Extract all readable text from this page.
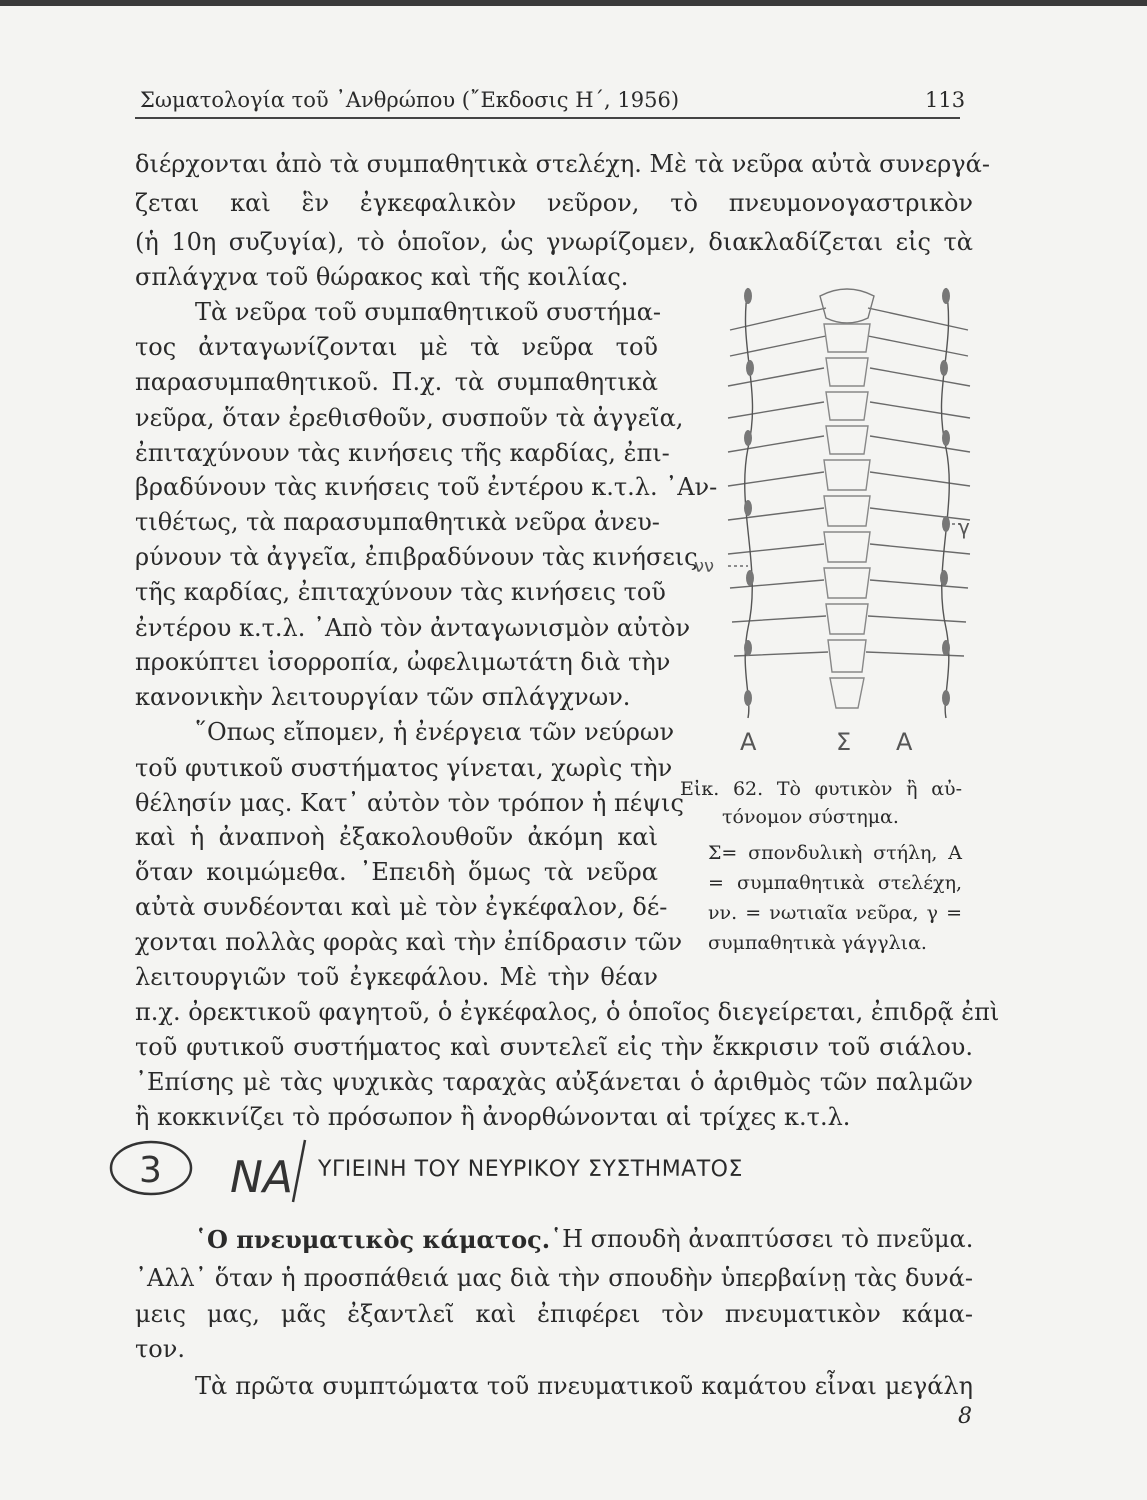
Σωματολογία τοῦ ᾿Ανθρώπου (῎Εκδοσις Η΄, 1956)	113
διέρχονται ἀπὸ τὰ συμπαθητικὰ στελέχη. Μὲ τὰ νεῦρα αὐτὰ συνεργά-
ζεται καὶ ἓν ἐγκεφαλικὸν νεῦρον, τὸ πνευμονογαστρικὸν
(ἡ 10η συζυγία), τὸ ὁποῖον, ὡς γνωρίζομεν, διακλαδίζεται εἰς τὰ
σπλάγχνα τοῦ θώρακος καὶ τῆς κοιλίας.
Τὰ νεῦρα τοῦ συμπαθητικοῦ συστήμα-
τος ἀνταγωνίζονται μὲ τὰ νεῦρα τοῦ
παρασυμπαθητικοῦ. Π.χ. τὰ συμπαθητικὰ
νεῦρα, ὅταν ἐρεθισθοῦν, συσποῦν τὰ ἀγγεῖα,
ἐπιταχύνουν τὰς κινήσεις τῆς καρδίας, ἐπι-
βραδύνουν τὰς κινήσεις τοῦ ἐντέρου κ.τ.λ. ᾿Αν-
τιθέτως, τὰ παρασυμπαθητικὰ νεῦρα ἀνευ-
ρύνουν τὰ ἀγγεῖα, ἐπιβραδύνουν τὰς κινήσεις
τῆς καρδίας, ἐπιταχύνουν τὰς κινήσεις τοῦ
ἐντέρου κ.τ.λ. ᾿Απὸ τὸν ἀνταγωνισμὸν αὐτὸν
προκύπτει ἰσορροπία, ὠφελιμωτάτη διὰ τὴν
κανονικὴν λειτουργίαν τῶν σπλάγχνων.
῞Οπως εἴπομεν, ἡ ἐνέργεια τῶν νεύρων
τοῦ φυτικοῦ συστήματος γίνεται, χωρὶς τὴν
θέλησίν μας. Κατ᾿ αὐτὸν τὸν τρόπον ἡ πέψις
καὶ ἡ ἀναπνοὴ ἐξακολουθοῦν ἀκόμη καὶ
ὅταν κοιμώμεθα. ᾿Επειδὴ ὅμως τὰ νεῦρα
αὐτὰ συνδέονται καὶ μὲ τὸν ἐγκέφαλον, δέ-
χονται πολλὰς φορὰς καὶ τὴν ἐπίδρασιν τῶν
λειτουργιῶν τοῦ ἐγκεφάλου. Μὲ τὴν θέαν
π.χ. ὀρεκτικοῦ φαγητοῦ, ὁ ἐγκέφαλος, ὁ ὁποῖος διεγείρεται, ἐπιδρᾷ ἐπὶ
τοῦ φυτικοῦ συστήματος καὶ συντελεῖ εἰς τὴν ἔκκρισιν τοῦ σιάλου.
᾿Επίσης μὲ τὰς ψυχικὰς ταραχὰς αὐξάνεται ὁ ἀριθμὸς τῶν παλμῶν
ἢ κοκκινίζει τὸ πρόσωπον ἢ ἀνορθώνονται αἱ τρίχες κ.τ.λ.
γ
νν
Α	Σ Α
Εἰκ. 62. Τὸ φυτικὸν ἢ αὐ-
τόνομον σύστημα.
Σ= σπονδυλικὴ στήλη, Α
= συμπαθητικὰ στελέχη,
νν. = νωτιαῖα νεῦρα, γ =
συμπαθητικὰ γάγγλια.
3 ΝΑ ΥΓΙΕΙΝΗ ΤΟΥ ΝΕΥΡΙΚΟΥ ΣΥΣΤΗΜΑΤΟΣ
῾Ο πνευματικὸς κάματος. ῾Η σπουδὴ ἀναπτύσσει τὸ πνεῦμα.
᾿Αλλ᾿ ὅταν ἡ προσπάθειά μας διὰ τὴν σπουδὴν ὑπερβαίνῃ τὰς δυνά-
μεις μας, μᾶς ἐξαντλεῖ καὶ ἐπιφέρει τὸν πνευματικὸν κάμα-
τον.
Τὰ πρῶτα συμπτώματα τοῦ πνευματικοῦ καμάτου εἶναι μεγάλη
8
